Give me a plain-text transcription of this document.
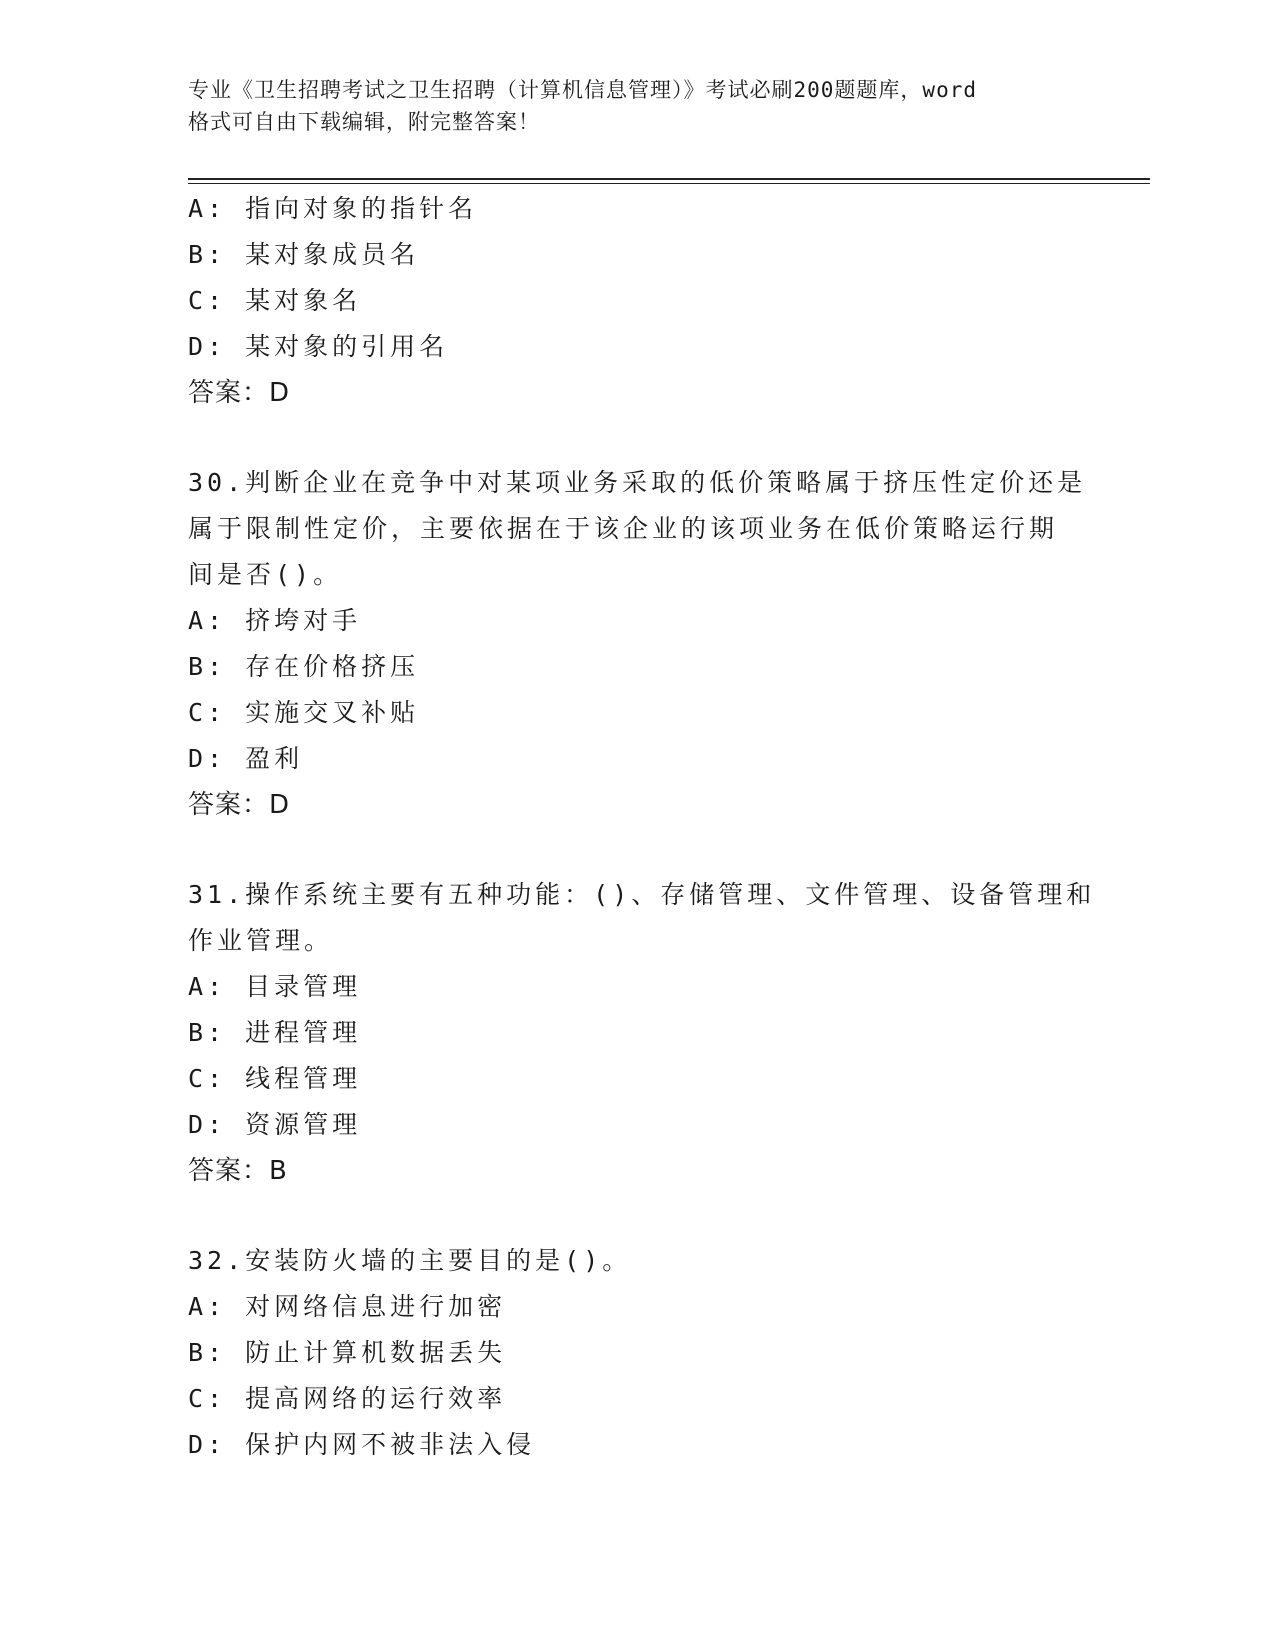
专业《卫生招聘考试之卫生招聘（计算机信息管理）》考试必刷200题题库，word
格式可自由下载编辑，附完整答案！
A: 指向对象的指针名
B: 某对象成员名
C: 某对象名
D: 某对象的引用名
答案：D
30.判断企业在竞争中对某项业务采取的低价策略属于挤压性定价还是
属于限制性定价，主要依据在于该企业的该项业务在低价策略运行期
间是否()。
A: 挤垮对手
B: 存在价格挤压
C: 实施交叉补贴
D: 盈利
答案：D
31.操作系统主要有五种功能：()、存储管理、文件管理、设备管理和
作业管理。
A: 目录管理
B: 进程管理
C: 线程管理
D: 资源管理
答案：B
32.安装防火墙的主要目的是()。
A: 对网络信息进行加密
B: 防止计算机数据丢失
C: 提高网络的运行效率
D: 保护内网不被非法入侵
